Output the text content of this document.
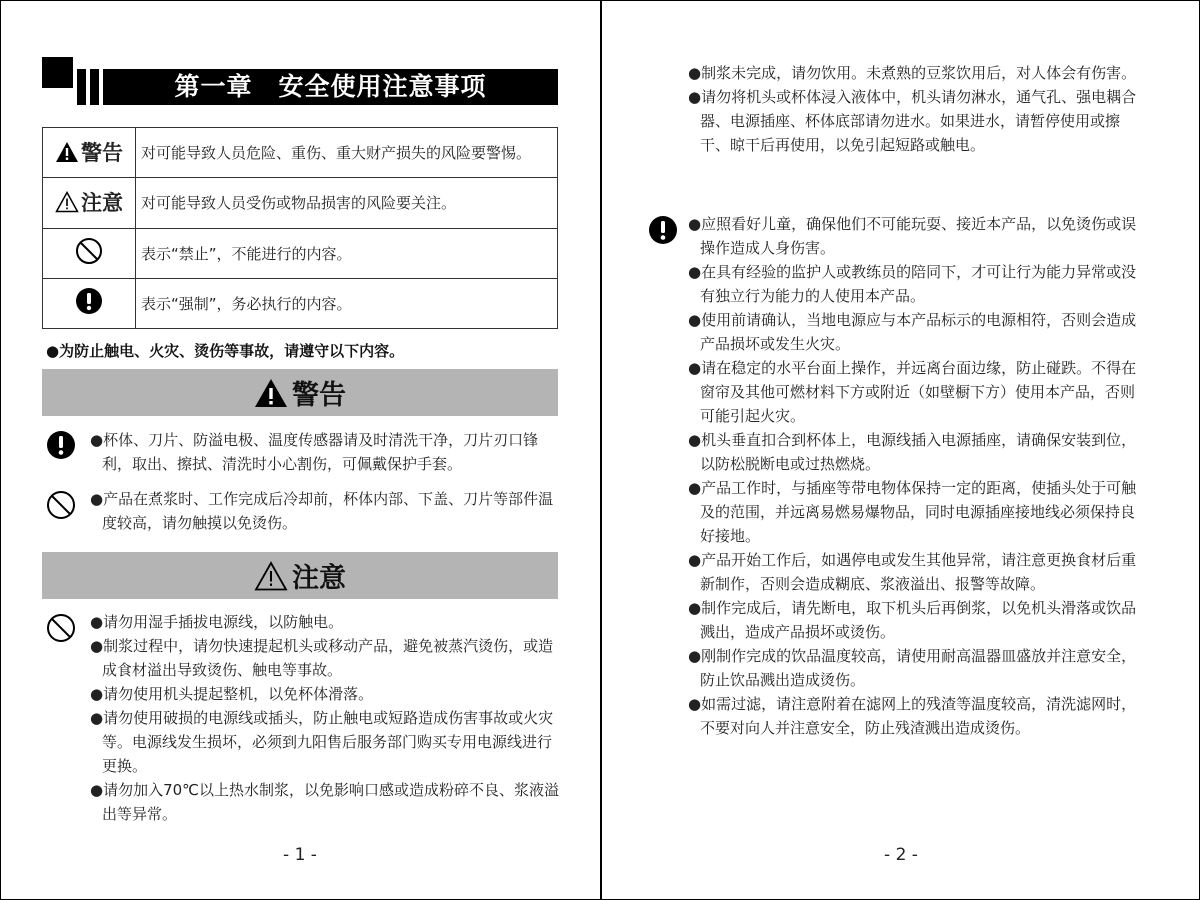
第一章　安全使用注意事项
警告	对可能导致人员危险、重伤、重大财产损失的风险要警惕。

注意	对可能导致人员受伤或物品损害的风险要关注。
	表示“禁止”，不能进行的内容。
	表示“强制”，务必执行的内容。
●为防止触电、火灾、烫伤等事故，请遵守以下内容。
警告

●杯体、刀片、防溢电极、温度传感器请及时清洗干净，刀片刃口锋利，取出、擦拭、清洗时小心割伤，可佩戴保护手套。

●产品在煮浆时、工作完成后冷却前，杯体内部、下盖、刀片等部件温度较高，请勿触摸以免烫伤。

注意

●请勿用湿手插拔电源线，以防触电。

●制浆过程中，请勿快速提起机头或移动产品，避免被蒸汽烫伤，或造成食材溢出导致烫伤、触电等事故。

●请勿使用机头提起整机，以免杯体滑落。

●请勿使用破损的电源线或插头，防止触电或短路造成伤害事故或火灾等。电源线发生损坏，必须到九阳售后服务部门购买专用电源线进行更换。

●请勿加入70℃以上热水制浆，以免影响口感或造成粉碎不良、浆液溢出等异常。

- 1 -

●制浆未完成，请勿饮用。未煮熟的豆浆饮用后，对人体会有伤害。

●请勿将机头或杯体浸入液体中，机头请勿淋水，通气孔、强电耦合器、电源插座、杯体底部请勿进水。如果进水，请暂停使用或擦干、晾干后再使用，以免引起短路或触电。

●应照看好儿童，确保他们不可能玩耍、接近本产品，以免烫伤或误操作造成人身伤害。

●在具有经验的监护人或教练员的陪同下，才可让行为能力异常或没有独立行为能力的人使用本产品。

●使用前请确认，当地电源应与本产品标示的电源相符，否则会造成产品损坏或发生火灾。

●请在稳定的水平台面上操作，并远离台面边缘，防止碰跌。不得在窗帘及其他可燃材料下方或附近（如壁橱下方）使用本产品，否则可能引起火灾。

●机头垂直扣合到杯体上，电源线插入电源插座，请确保安装到位，以防松脱断电或过热燃烧。

●产品工作时，与插座等带电物体保持一定的距离，使插头处于可触及的范围，并远离易燃易爆物品，同时电源插座接地线必须保持良好接地。

●产品开始工作后，如遇停电或发生其他异常，请注意更换食材后重新制作，否则会造成糊底、浆液溢出、报警等故障。

●制作完成后，请先断电，取下机头后再倒浆，以免机头滑落或饮品溅出，造成产品损坏或烫伤。

●刚制作完成的饮品温度较高，请使用耐高温器皿盛放并注意安全，防止饮品溅出造成烫伤。

●如需过滤，请注意附着在滤网上的残渣等温度较高，清洗滤网时，不要对向人并注意安全，防止残渣溅出造成烫伤。

- 2 -
